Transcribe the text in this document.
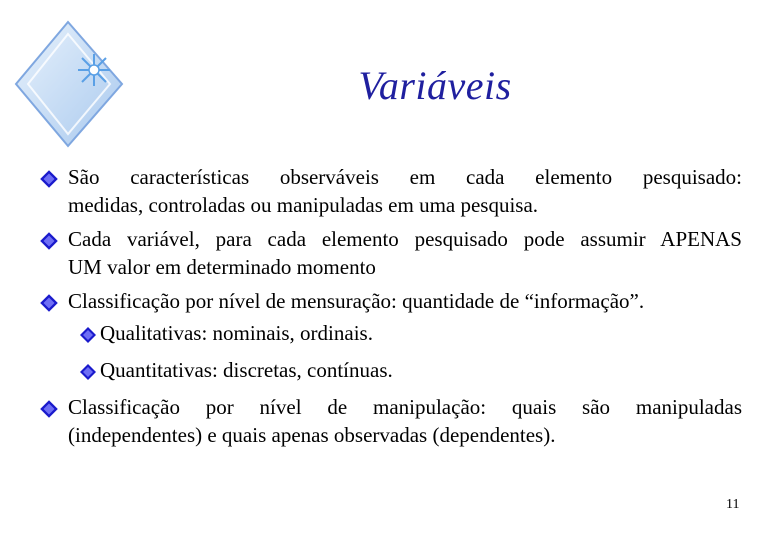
Variáveis
São características observáveis em cada elemento pesquisado:
medidas, controladas ou manipuladas em uma pesquisa.
Cada variável, para cada elemento pesquisado pode assumir APENAS
UM valor em determinado momento
Classificação por nível de mensuração: quantidade de “informação”.
Qualitativas: nominais, ordinais.
Quantitativas: discretas, contínuas.
Classificação por nível de manipulação: quais são manipuladas
(independentes) e quais apenas observadas (dependentes).
11
